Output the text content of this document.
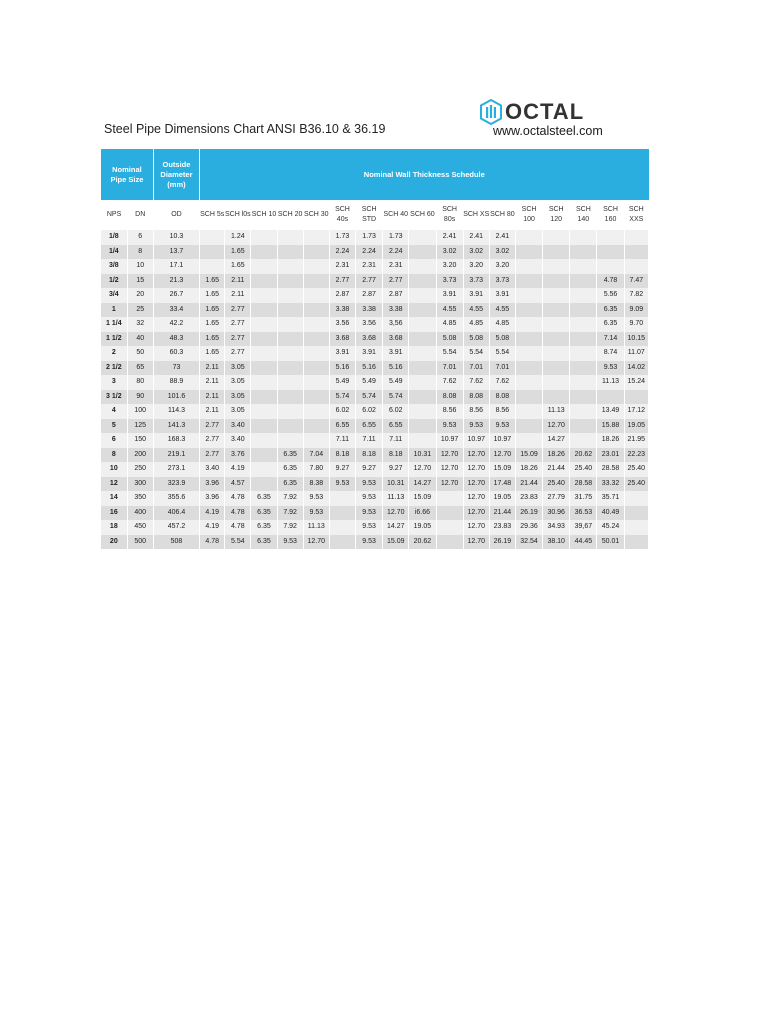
Steel Pipe Dimensions Chart ANSI B36.10 & 36.19
OCTAL
www.octalsteel.com
Nominal Pipe Size		Outside Diameter (mm)	Nominal Wall Thickness Schedule																
NPS	DN	OD	SCH 5s	SCH l0s	SCH 10	SCH 20	SCH 30	SCH 40s	SCH STD	SCH 40	SCH 60	SCH 80s	SCH XS	SCH 80	SCH 100	SCH 120	SCH 140	SCH 160	SCH XXS
1/8	6	10.3		1.24				1.73	1.73	1.73		2.41	2.41	2.41					
1/4	8	13.7		1.65				2.24	2.24	2.24		3.02	3.02	3.02					
3/8	10	17.1		1.65				2.31	2.31	2.31		3.20	3.20	3.20					
1/2	15	21.3	1.65	2.11				2.77	2.77	2.77		3.73	3.73	3.73				4.78	7.47
3/4	20	26.7	1.65	2.11				2.87	2.87	2.87		3.91	3.91	3.91				5.56	7.82
1	25	33.4	1.65	2.77				3.38	3.38	3.38		4.55	4.55	4.55				6.35	9.09
1 1/4	32	42.2	1.65	2.77				3.56	3.56	3,56		4.85	4.85	4.85				6.35	9.70
1 1/2	40	48.3	1.65	2.77				3.68	3.68	3.68		5.08	5.08	5.08				7.14	10.15
2	50	60.3	1.65	2.77				3.91	3.91	3.91		5.54	5.54	5.54				8.74	11.07
2 1/2	65	73	2.11	3.05				5.16	5.16	5.16		7.01	7.01	7.01				9.53	14.02
3	80	88.9	2.11	3.05				5.49	5.49	5.49		7.62	7.62	7.62				11.13	15.24
3 1/2	90	101.6	2.11	3.05				5.74	5.74	5.74		8.08	8.08	8.08					
4	100	114.3	2.11	3.05				6.02	6.02	6.02		8.56	8.56	8.56		11.13		13.49	17.12
5	125	141.3	2.77	3.40				6.55	6.55	6.55		9.53	9.53	9.53		12.70		15.88	19.05
6	150	168.3	2.77	3.40				7.11	7.11	7.11		10.97	10.97	10.97		14.27		18.26	21.95
8	200	219.1	2.77	3.76		6.35	7.04	8.18	8.18	8.18	10.31	12.70	12.70	12.70	15.09	18.26	20.62	23.01	22.23
10	250	273.1	3.40	4.19		6.35	7.80	9.27	9.27	9.27	12.70	12.70	12.70	15.09	18.26	21.44	25.40	28.58	25.40
12	300	323.9	3.96	4.57		6.35	8.38	9.53	9.53	10.31	14.27	12.70	12.70	17.48	21.44	25.40	28.58	33.32	25.40
14	350	355.6	3.96	4.78	6.35	7.92	9.53		9.53	11.13	15.09		12.70	19.05	23.83	27.79	31.75	35.71	
16	400	406.4	4.19	4.78	6.35	7.92	9.53		9.53	12.70	i6.66		12.70	21.44	26.19	30.96	36.53	40.49	
18	450	457.2	4.19	4.78	6.35	7.92	11.13		9.53	14.27	19.05		12.70	23.83	29.36	34.93	39,67	45.24	
20	500	508	4.78	5.54	6.35	9.53	12.70		9.53	15.09	20.62		12.70	26.19	32.54	38.10	44.45	50.01	
